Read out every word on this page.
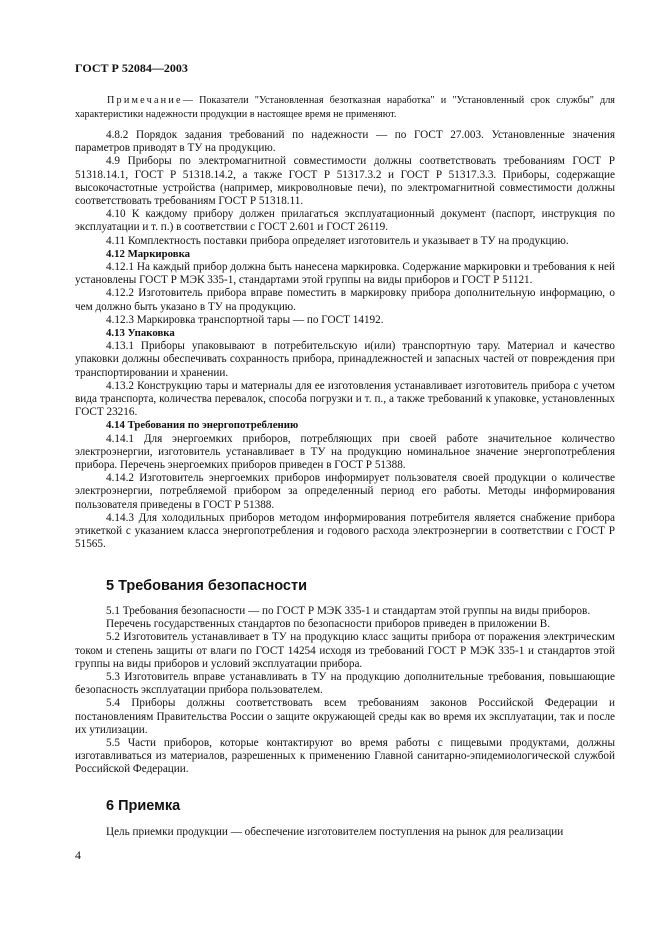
ГОСТ Р 52084—2003
Примечание— Показатели "Установленная безотказная наработка" и "Установленный срок службы" для характеристики надежности продукции в настоящее время не применяют.

4.8.2 Порядок задания требований по надежности — по ГОСТ 27.003. Установленные значения параметров приводят в ТУ на продукцию.

4.9 Приборы по электромагнитной совместимости должны соответствовать требованиям ГОСТ Р 51318.14.1, ГОСТ Р 51318.14.2, а также ГОСТ Р 51317.3.2 и ГОСТ Р 51317.3.3. Приборы, содержащие высокочастотные устройства (например, микроволновые печи), по электромагнитной совместимости должны соответствовать требованиям ГОСТ Р 51318.11.

4.10 К каждому прибору должен прилагаться эксплуатационный документ (паспорт, инструкция по эксплуатации и т. п.) в соответствии с ГОСТ 2.601 и ГОСТ 26119.

4.11 Комплектность поставки прибора определяет изготовитель и указывает в ТУ на продукцию.

4.12 Маркировка

4.12.1 На каждый прибор должна быть нанесена маркировка. Содержание маркировки и требования к ней установлены ГОСТ Р МЭК 335-1, стандартами этой группы на виды приборов и ГОСТ Р 51121.

4.12.2 Изготовитель прибора вправе поместить в маркировку прибора дополнительную информацию, о чем должно быть указано в ТУ на продукцию.

4.12.3 Маркировка транспортной тары — по ГОСТ 14192.

4.13 Упаковка

4.13.1 Приборы упаковывают в потребительскую и(или) транспортную тару. Материал и качество упаковки должны обеспечивать сохранность прибора, принадлежностей и запасных частей от повреждения при транспортировании и хранении.

4.13.2 Конструкцию тары и материалы для ее изготовления устанавливает изготовитель прибора с учетом вида транспорта, количества перевалок, способа погрузки и т. п., а также требований к упаковке, установленных ГОСТ 23216.

4.14 Требования по энергопотреблению

4.14.1 Для энергоемких приборов, потребляющих при своей работе значительное количество электроэнергии, изготовитель устанавливает в ТУ на продукцию номинальное значение энергопотребления прибора. Перечень энергоемких приборов приведен в ГОСТ Р 51388.

4.14.2 Изготовитель энергоемких приборов информирует пользователя своей продукции о количестве электроэнергии, потребляемой прибором за определенный период его работы. Методы информирования пользователя приведены в ГОСТ Р 51388.

4.14.3 Для холодильных приборов методом информирования потребителя является снабжение прибора этикеткой с указанием класса энергопотребления и годового расхода электроэнергии в соответствии с ГОСТ Р 51565.

5 Требования безопасности

5.1 Требования безопасности — по ГОСТ Р МЭК 335-1 и стандартам этой группы на виды приборов.

Перечень государственных стандартов по безопасности приборов приведен в приложении В.

5.2 Изготовитель устанавливает в ТУ на продукцию класс защиты прибора от поражения электрическим током и степень защиты от влаги по ГОСТ 14254 исходя из требований ГОСТ Р МЭК 335-1 и стандартов этой группы на виды приборов и условий эксплуатации прибора.

5.3 Изготовитель вправе устанавливать в ТУ на продукцию дополнительные требования, повышающие безопасность эксплуатации прибора пользователем.

5.4 Приборы должны соответствовать всем требованиям законов Российской Федерации и постановлениям Правительства России о защите окружающей среды как во время их эксплуатации, так и после их утилизации.

5.5 Части приборов, которые контактируют во время работы с пищевыми продуктами, должны изготавливаться из материалов, разрешенных к применению Главной санитарно-эпидемиологической службой Российской Федерации.

6 Приемка

Цель приемки продукции — обеспечение изготовителем поступления на рынок для реализации

4
